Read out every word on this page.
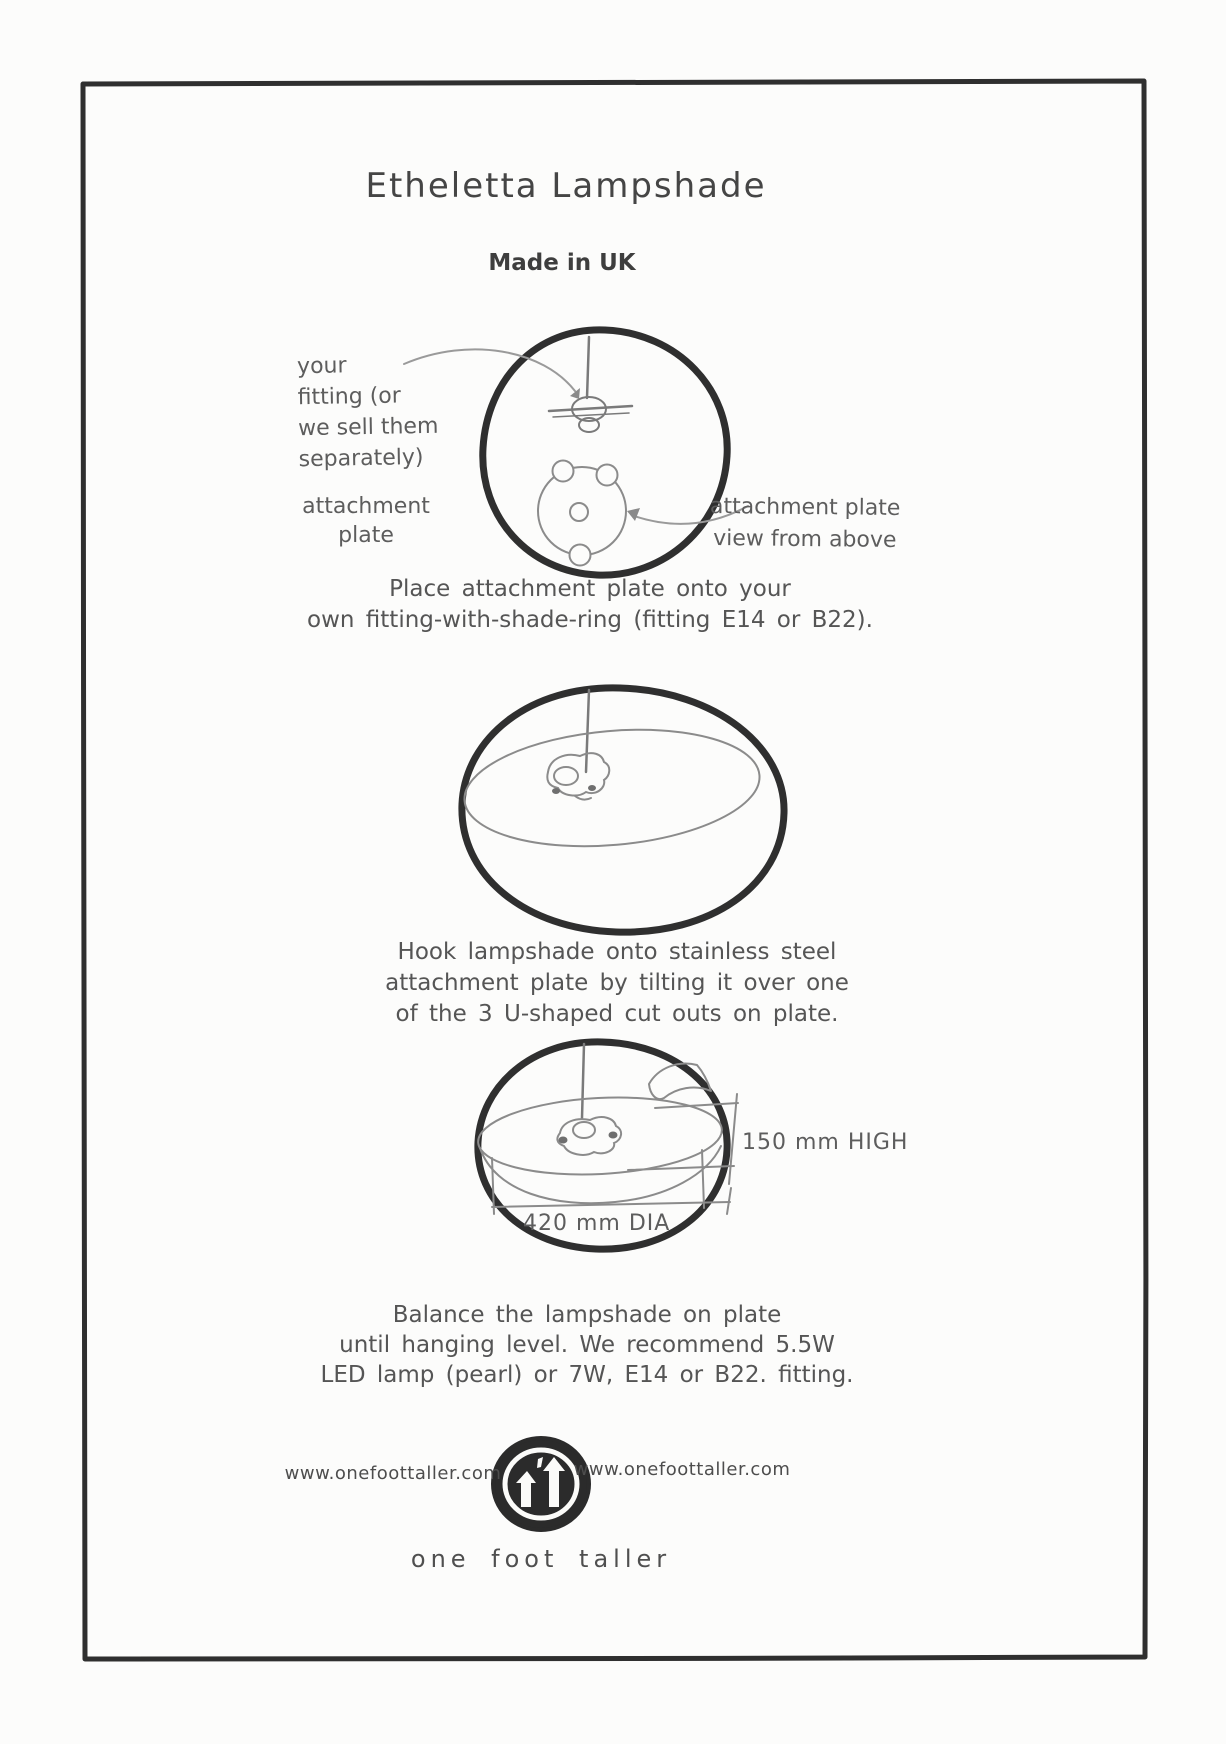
Etheletta Lampshade
Made in UK
your
fitting (or
we sell them
separately)
attachment
plate
attachment plate
view from above
Place attachment plate onto your
own fitting-with-shade-ring (fitting E14 or B22).
Hook lampshade onto stainless steel
attachment plate by tilting it over one
of the 3 U-shaped cut outs on plate.
Balance the lampshade on plate
until hanging level. We recommend 5.5W
LED lamp (pearl) or 7W, E14 or B22. fitting.
150 mm HIGH
420 mm DIA
www.onefoottaller.com	www.onefoottaller.com
one foot taller
